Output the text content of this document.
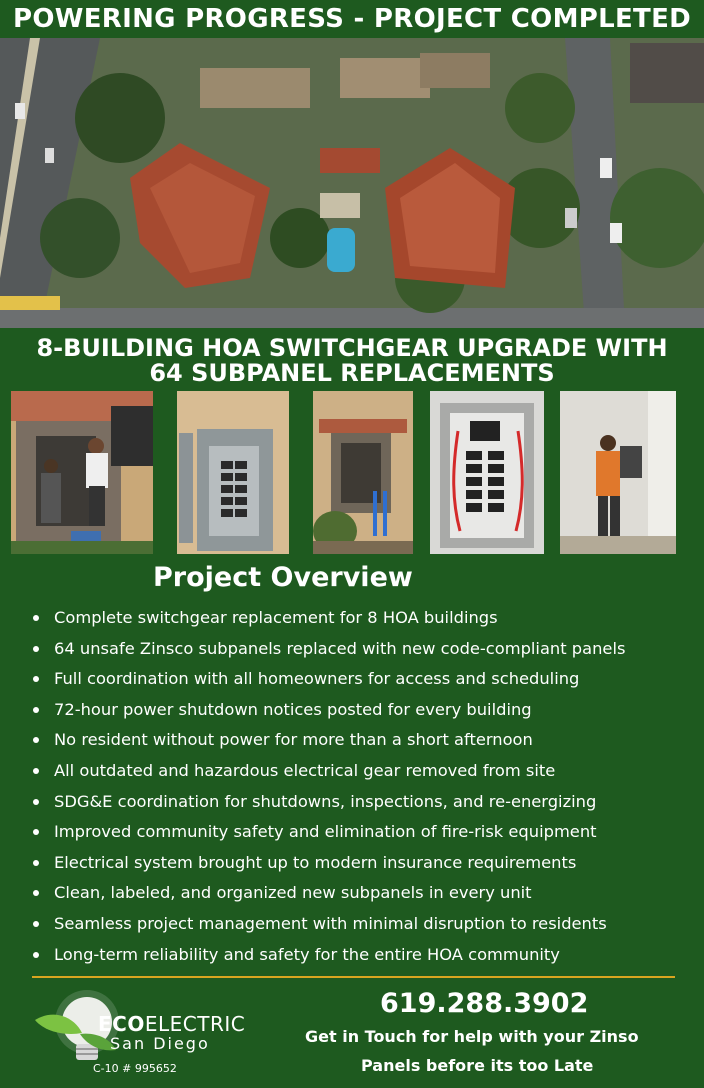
POWERING PROGRESS - PROJECT COMPLETED
8-BUILDING HOA SWITCHGEAR UPGRADE WITH
64 SUBPANEL REPLACEMENTS
Project Overview
Complete switchgear replacement for 8 HOA buildings
64 unsafe Zinsco subpanels replaced with new code-compliant panels
Full coordination with all homeowners for access and scheduling
72-hour power shutdown notices posted for every building
No resident without power for more than a short afternoon
All outdated and hazardous electrical gear removed from site
SDG&E coordination for shutdowns, inspections, and re-energizing
Improved community safety and elimination of fire-risk equipment
Electrical system brought up to modern insurance requirements
Clean, labeled, and organized new subpanels in every unit
Seamless project management with minimal disruption to residents
Long-term reliability and safety for the entire HOA community
ECOELECTRIC
San Diego
C-10 # 995652
619.288.3902
Get in Touch for help with your Zinso
Panels before its too Late
